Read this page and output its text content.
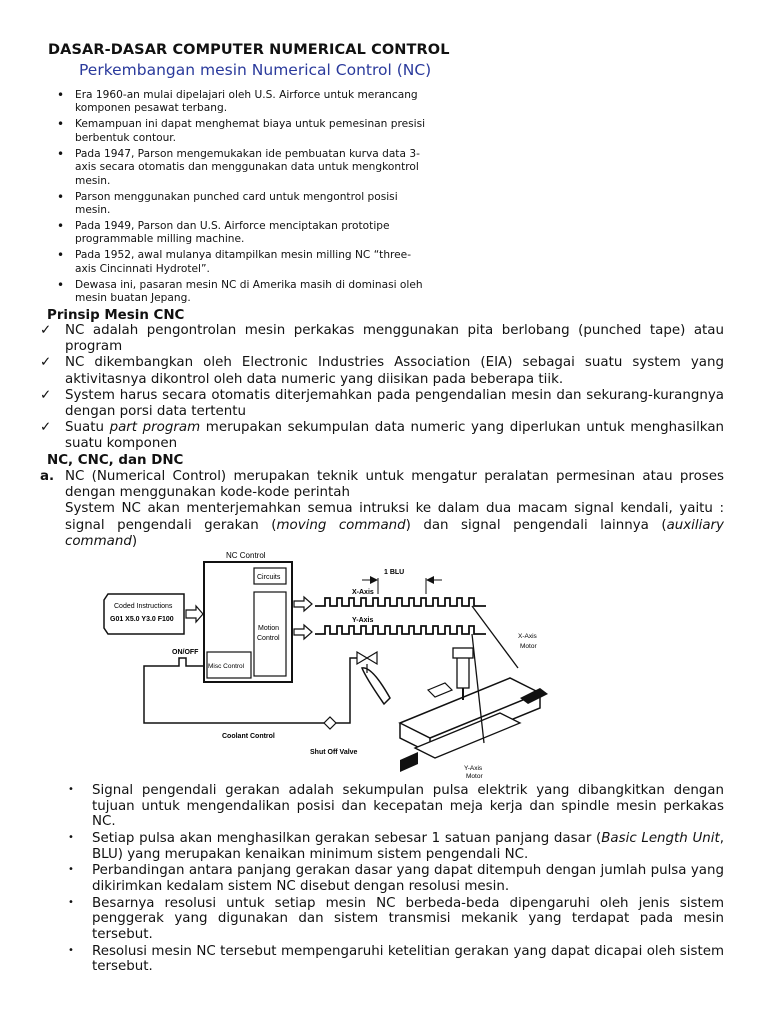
DASAR-DASAR COMPUTER NUMERICAL CONTROL
Perkembangan mesin Numerical Control (NC)
• Era 1960-an mulai dipelajari oleh U.S. Airforce untuk merancang komponen pesawat terbang.
• Kemampuan ini dapat menghemat biaya untuk pemesinan presisi berbentuk contour.
• Pada 1947, Parson mengemukakan ide pembuatan kurva data 3-axis secara otomatis dan menggunakan data untuk mengkontrol mesin.
• Parson menggunakan punched card untuk mengontrol posisi mesin.
• Pada 1949, Parson dan U.S. Airforce menciptakan prototipe programmable milling machine.
• Pada 1952, awal mulanya ditampilkan mesin milling NC “three-axis Cincinnati Hydrotel”.
• Dewasa ini, pasaran mesin NC di Amerika masih di dominasi oleh mesin buatan Jepang.
Prinsip Mesin CNC
✓ NC adalah pengontrolan mesin perkakas menggunakan pita berlobang (punched tape) atau program
✓ NC dikembangkan oleh Electronic Industries Association (EIA) sebagai suatu system yang aktivitasnya dikontrol oleh data numeric yang diisikan pada beberapa tiik.
✓ System harus secara otomatis diterjemahkan pada pengendalian mesin dan sekurang-kurangnya dengan porsi data tertentu
✓ Suatu part program merupakan sekumpulan data numeric yang diperlukan untuk menghasilkan suatu komponen
NC, CNC, dan DNC
a. NC (Numerical Control) merupakan teknik untuk mengatur peralatan permesinan atau proses dengan menggunakan kode-kode perintah
System NC akan menterjemahkan semua intruksi ke dalam dua macam signal kendali, yaitu : signal pengendali gerakan (moving command) dan signal pengendali lainnya (auxiliary command)
NC Control
Circuits
Motion
Control
Misc Control
Coded Instructions
G01 X5.0 Y3.0 F100
X-Axis
Y-Axis
1 BLU
ON/OFF
Coolant Control
Shut Off Valve
X-Axis
Motor
Y-Axis
Motor
• Signal pengendali gerakan adalah sekumpulan pulsa elektrik yang dibangkitkan dengan tujuan untuk mengendalikan posisi dan kecepatan meja kerja dan spindle mesin perkakas NC.
• Setiap pulsa akan menghasilkan gerakan sebesar 1 satuan panjang dasar (Basic Length Unit, BLU) yang merupakan kenaikan minimum sistem pengendali NC.
• Perbandingan antara panjang gerakan dasar yang dapat ditempuh dengan jumlah pulsa yang dikirimkan kedalam sistem NC disebut dengan resolusi mesin.
• Besarnya resolusi untuk setiap mesin NC berbeda-beda dipengaruhi oleh jenis sistem penggerak yang digunakan dan sistem transmisi mekanik yang terdapat pada mesin tersebut.
• Resolusi mesin NC tersebut mempengaruhi ketelitian gerakan yang dapat dicapai oleh sistem tersebut.
